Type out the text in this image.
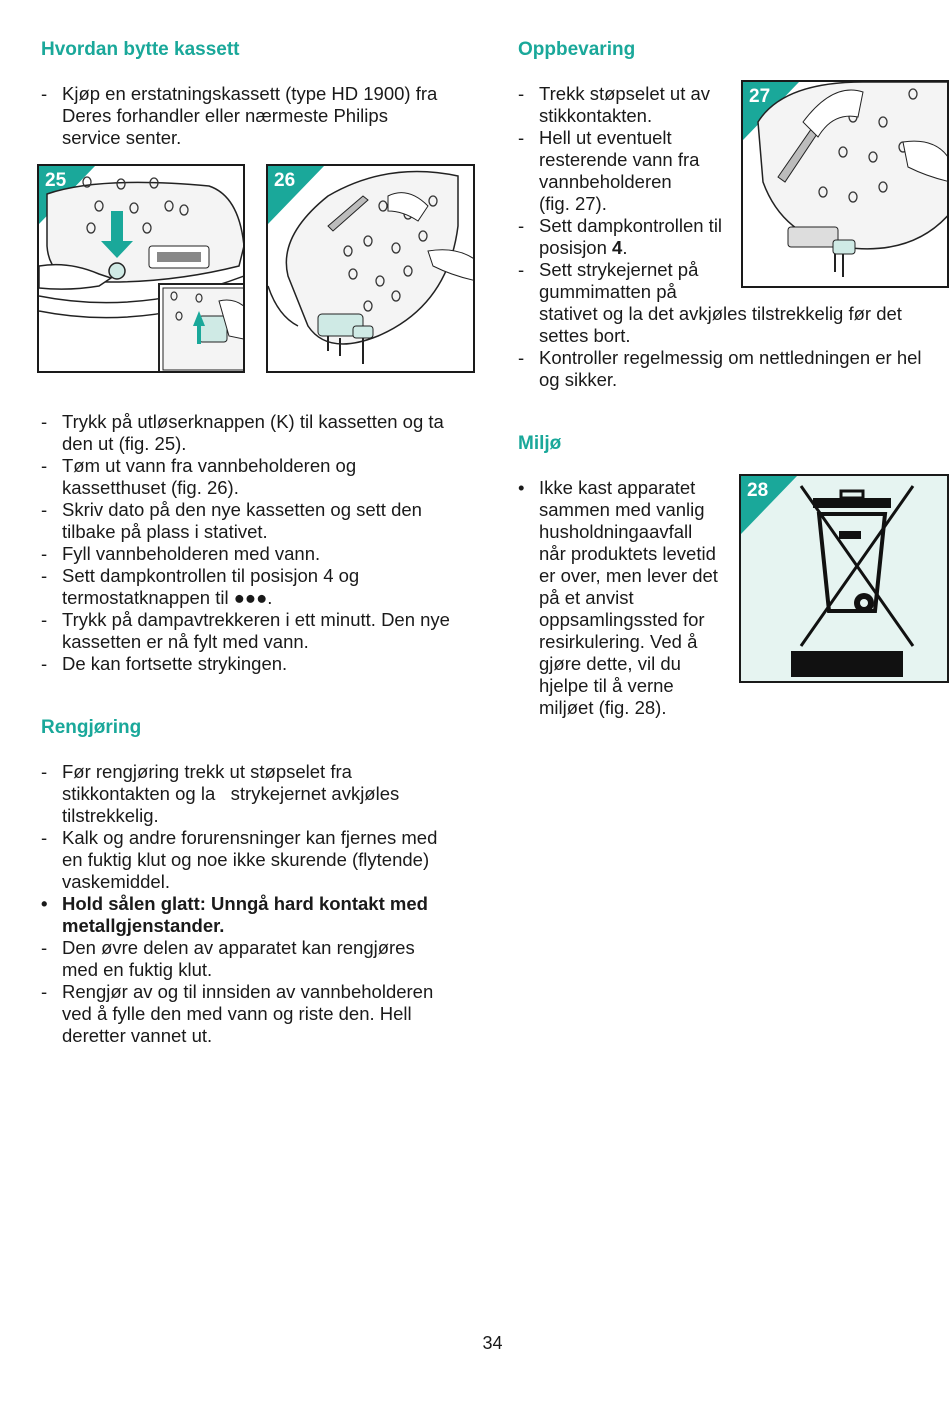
Hvordan bytte kassett
- Kjøp en erstatningskassett (type HD 1900) fra
Deres forhandler eller nærmeste Philips
service senter.
25	26
- Trykk på utløserknappen (K) til kassetten og ta
den ut (fig. 25).
- Tøm ut vann fra vannbeholderen og
kassetthuset (fig. 26).
- Skriv dato på den nye kassetten og sett den
tilbake på plass i stativet.
- Fyll vannbeholderen med vann.
- Sett dampkontrollen til posisjon 4 og
termostatknappen til ●●●.
- Trykk på dampavtrekkeren i ett minutt. Den nye
kassetten er nå fylt med vann.
- De kan fortsette strykingen.
Rengjøring
- Før rengjøring trekk ut støpselet fra
stikkontakten og la   strykejernet avkjøles
tilstrekkelig.
- Kalk og andre forurensninger kan fjernes med
en fuktig klut og noe ikke skurende (flytende)
vaskemiddel.
• Hold sålen glatt: Unngå hard kontakt med
metallgjenstander.
- Den øvre delen av apparatet kan rengjøres
med en fuktig klut.
- Rengjør av og til innsiden av vannbeholderen
ved å fylle den med vann og riste den. Hell
deretter vannet ut.
Oppbevaring
27
- Trekk støpselet ut av
stikkontakten.
- Hell ut eventuelt
resterende vann fra
vannbeholderen
(fig. 27).
- Sett dampkontrollen til
posisjon 4.
- Sett strykejernet på
gummimatten på
stativet og la det avkjøles tilstrekkelig før det
settes bort.
- Kontroller regelmessig om nettledningen er hel
og sikker.
Miljø
28
• Ikke kast apparatet
sammen med vanlig
husholdningaavfall
når produktets levetid
er over, men lever det
på et anvist
oppsamlingssted for
resirkulering. Ved å
gjøre dette, vil du
hjelpe til å verne
miljøet (fig. 28).
34
